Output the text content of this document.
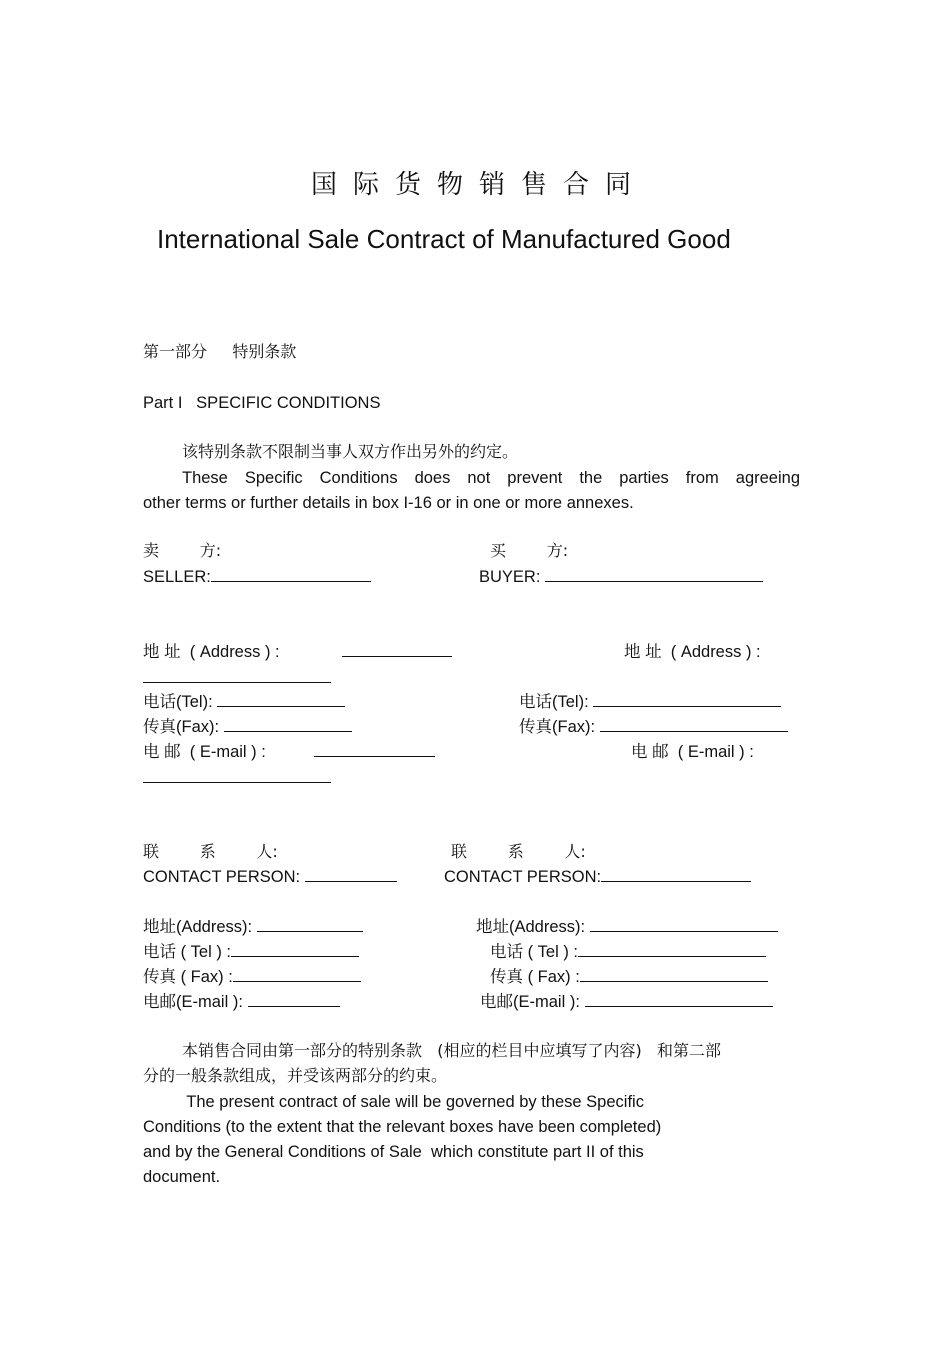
国际货物销售合同
International Sale Contract of Manufactured Good
第一部分     特别条款
Part I   SPECIFIC CONDITIONS
该特别条款不限制当事人双方作出另外的约定。
These Specific Conditions does not prevent the parties from agreeing
other terms or further details in box I-16 or in one or more annexes.
卖        方:
SELLER:
买        方:
BUYER:
地 址  ( Address ) :	地 址  ( Address ) :
电话(Tel):	电话(Tel):
传真(Fax):	传真(Fax):
电 邮  ( E-mail ) :	电 邮  ( E-mail ) :
联        系        人:
CONTACT PERSON:
联        系        人:
CONTACT PERSON:
地址(Address):	地址(Address):
电话 ( Tel ) :	电话 ( Tel ) :
传真 ( Fax) :	传真 ( Fax) :
电邮(E-mail ):	电邮(E-mail ):
本销售合同由第一部分的特别条款   (相应的栏目中应填写了内容)   和第二部
分的一般条款组成，并受该两部分的约束。
The present contract of sale will be governed by these Specific
Conditions (to the extent that the relevant boxes have been completed)
and by the General Conditions of Sale  which constitute part II of this
document.
